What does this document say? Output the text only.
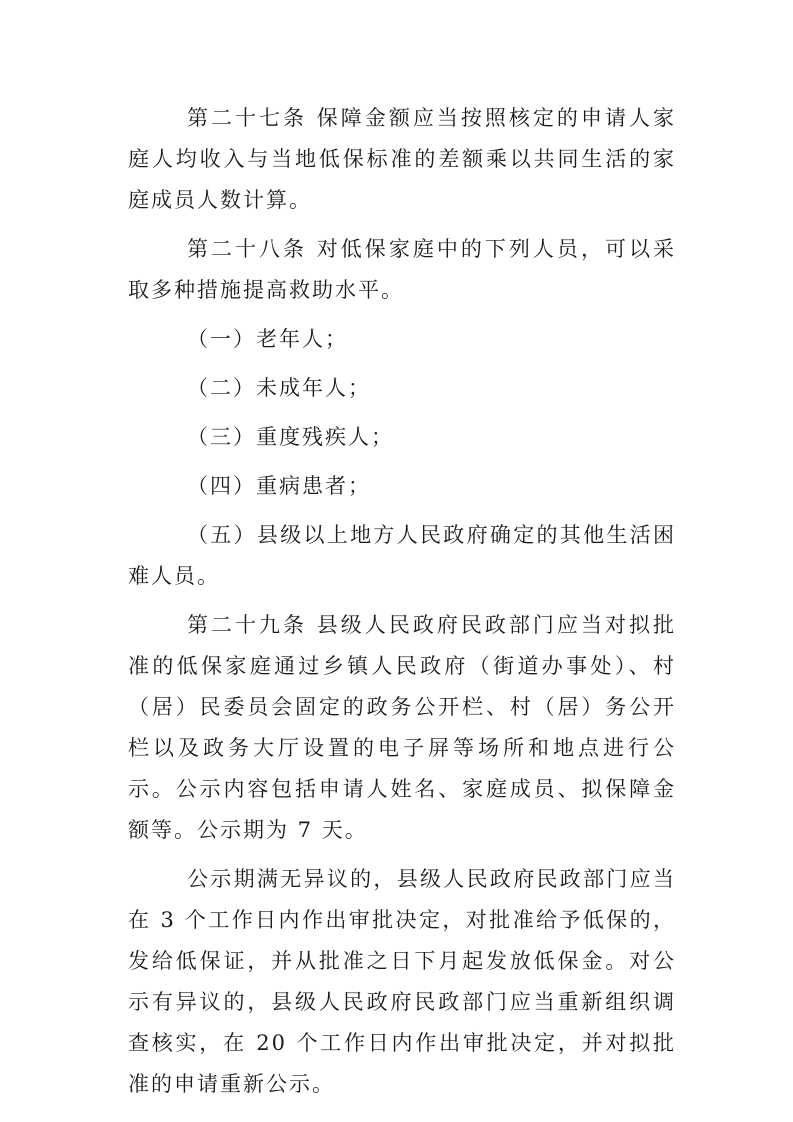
第二十七条 保障金额应当按照核定的申请人家庭人均收入与当地低保标准的差额乘以共同生活的家庭成员人数计算。

第二十八条 对低保家庭中的下列人员，可以采取多种措施提高救助水平。

（一）老年人；

（二）未成年人；

（三）重度残疾人；

（四）重病患者；

（五）县级以上地方人民政府确定的其他生活困难人员。

第二十九条 县级人民政府民政部门应当对拟批准的低保家庭通过乡镇人民政府（街道办事处）、村（居）民委员会固定的政务公开栏、村（居）务公开栏以及政务大厅设置的电子屏等场所和地点进行公示。公示内容包括申请人姓名、家庭成员、拟保障金额等。公示期为 7 天。

公示期满无异议的，县级人民政府民政部门应当在 3 个工作日内作出审批决定，对批准给予低保的，发给低保证，并从批准之日下月起发放低保金。对公示有异议的，县级人民政府民政部门应当重新组织调查核实，在 20 个工作日内作出审批决定，并对拟批准的申请重新公示。
